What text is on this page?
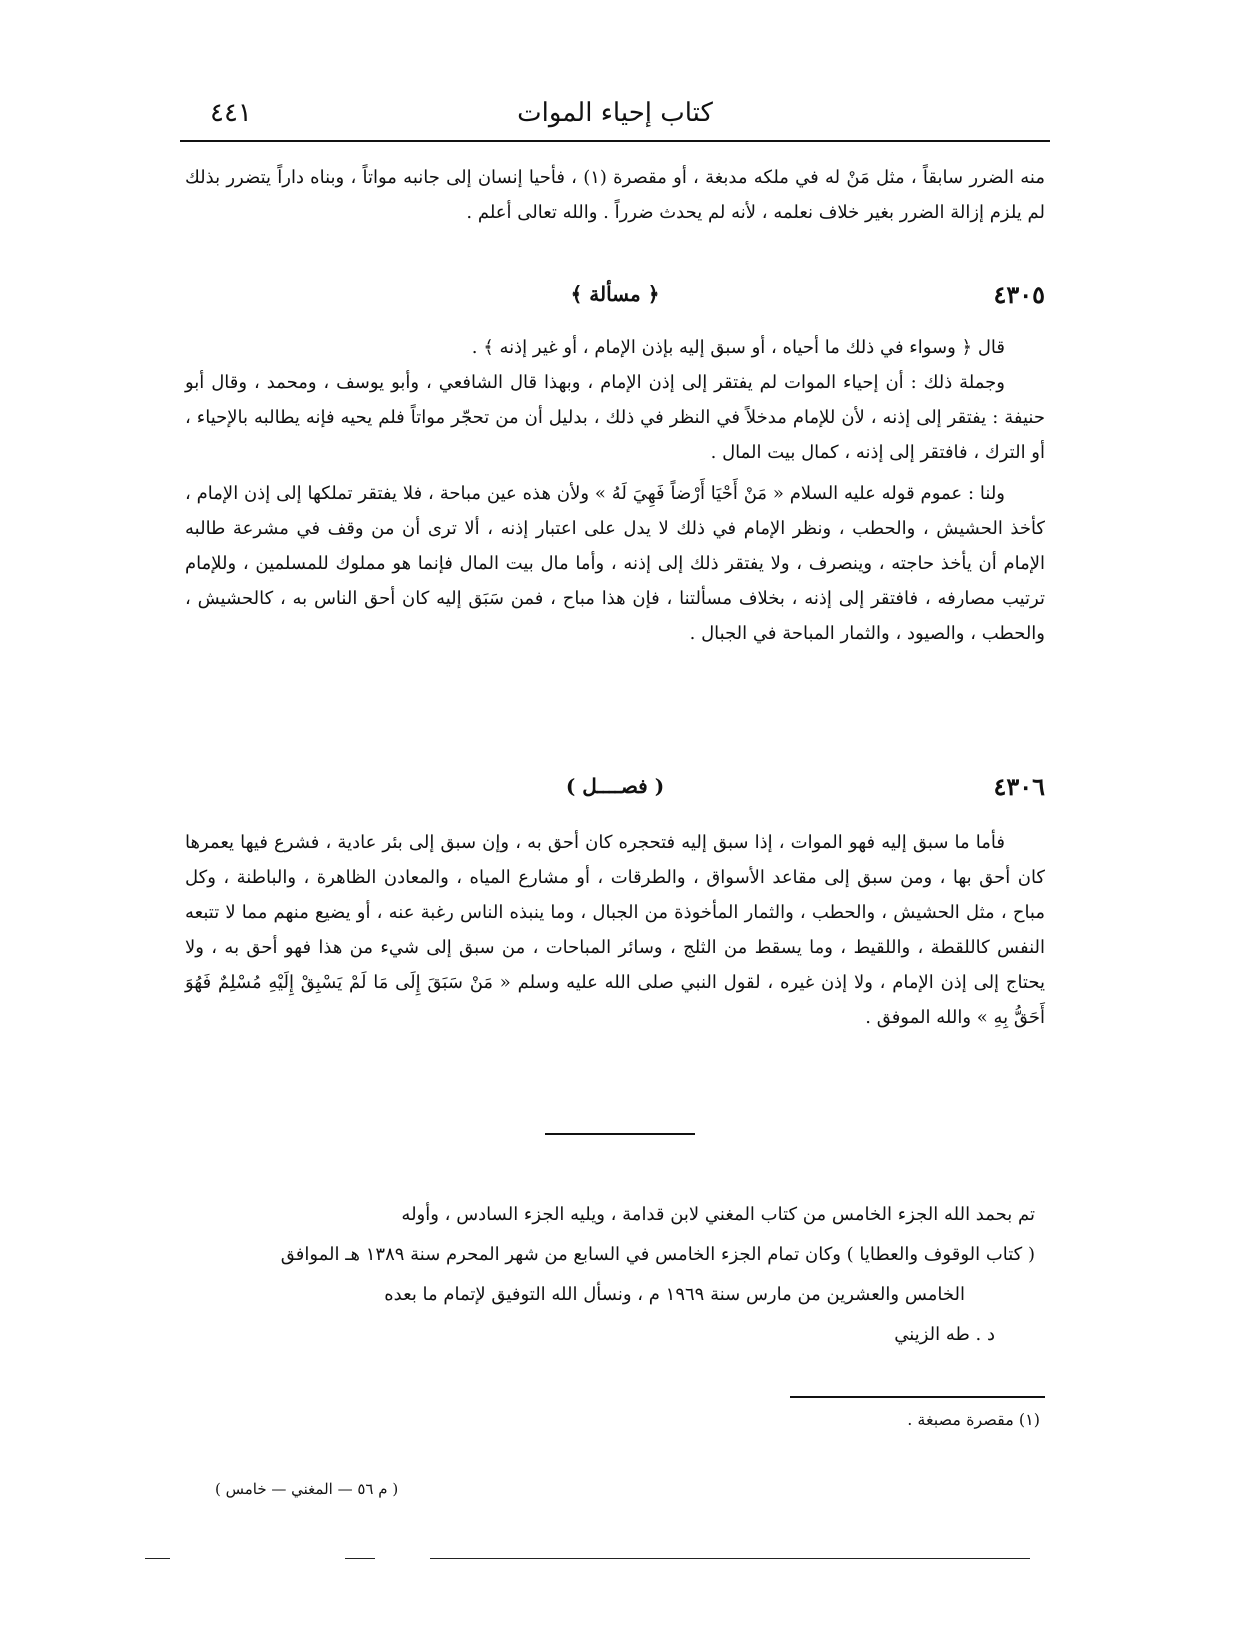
٤٤١	كتاب إحياء الموات

منه الضرر سابقاً ، مثل مَنْ له في ملكه مدبغة ، أو مقصرة (١) ، فأحيا إنسان إلى جانبه مواتاً ، وبناه داراً يتضرر بذلك لم يلزم إزالة الضرر بغير خلاف نعلمه ، لأنه لم يحدث ضرراً . والله تعالى أعلم .

٤٣٠٥
﴿ مسألة ﴾

قال ﴿ وسواء في ذلك ما أحياه ، أو سبق إليه بإذن الإمام ، أو غير إذنه ﴾ .

وجملة ذلك : أن إحياء الموات لم يفتقر إلى إذن الإمام ، وبهذا قال الشافعي ، وأبو يوسف ، ومحمد ، وقال أبو حنيفة : يفتقر إلى إذنه ، لأن للإمام مدخلاً في النظر في ذلك ، بدليل أن من تحجّر مواتاً فلم يحيه فإنه يطالبه بالإحياء ، أو الترك ، فافتقر إلى إذنه ، كمال بيت المال .

ولنا : عموم قوله عليه السلام « مَنْ أَحْيَا أَرْضاً فَهِيَ لَهُ » ولأن هذه عين مباحة ، فلا يفتقر تملكها إلى إذن الإمام ، كأخذ الحشيش ، والحطب ، ونظر الإمام في ذلك لا يدل على اعتبار إذنه ، ألا ترى أن من وقف في مشرعة طالبه الإمام أن يأخذ حاجته ، وينصرف ، ولا يفتقر ذلك إلى إذنه ، وأما مال بيت المال فإنما هو مملوك للمسلمين ، وللإمام ترتيب مصارفه ، فافتقر إلى إذنه ، بخلاف مسألتنا ، فإن هذا مباح ، فمن سَبَق إليه كان أحق الناس به ، كالحشيش ، والحطب ، والصيود ، والثمار المباحة في الجبال .

٤٣٠٦
( فصــــل )

فأما ما سبق إليه فهو الموات ، إذا سبق إليه فتحجره كان أحق به ، وإن سبق إلى بئر عادية ، فشرع فيها يعمرها كان أحق بها ، ومن سبق إلى مقاعد الأسواق ، والطرقات ، أو مشارع المياه ، والمعادن الظاهرة ، والباطنة ، وكل مباح ، مثل الحشيش ، والحطب ، والثمار المأخوذة من الجبال ، وما ينبذه الناس رغبة عنه ، أو يضيع منهم مما لا تتبعه النفس كاللقطة ، واللقيط ، وما يسقط من الثلج ، وسائر المباحات ، من سبق إلى شيء من هذا فهو أحق به ، ولا يحتاج إلى إذن الإمام ، ولا إذن غيره ، لقول النبي صلى الله عليه وسلم « مَنْ سَبَقَ إِلَى مَا لَمْ يَسْبِقْ إِلَيْهِ مُسْلِمٌ فَهُوَ أَحَقُّ بِهِ » والله الموفق .

تم بحمد الله الجزء الخامس من كتاب المغني لابن قدامة ، ويليه الجزء السادس ، وأوله

( كتاب الوقوف والعطايا ) وكان تمام الجزء الخامس في السابع من شهر المحرم سنة ١٣٨٩ هـ الموافق

الخامس والعشرين من مارس سنة ١٩٦٩ م ، ونسأل الله التوفيق لإتمام ما بعده

د . طه الزيني

(١) مقصرة مصبغة .
( م ٥٦ — المغني — خامس )
